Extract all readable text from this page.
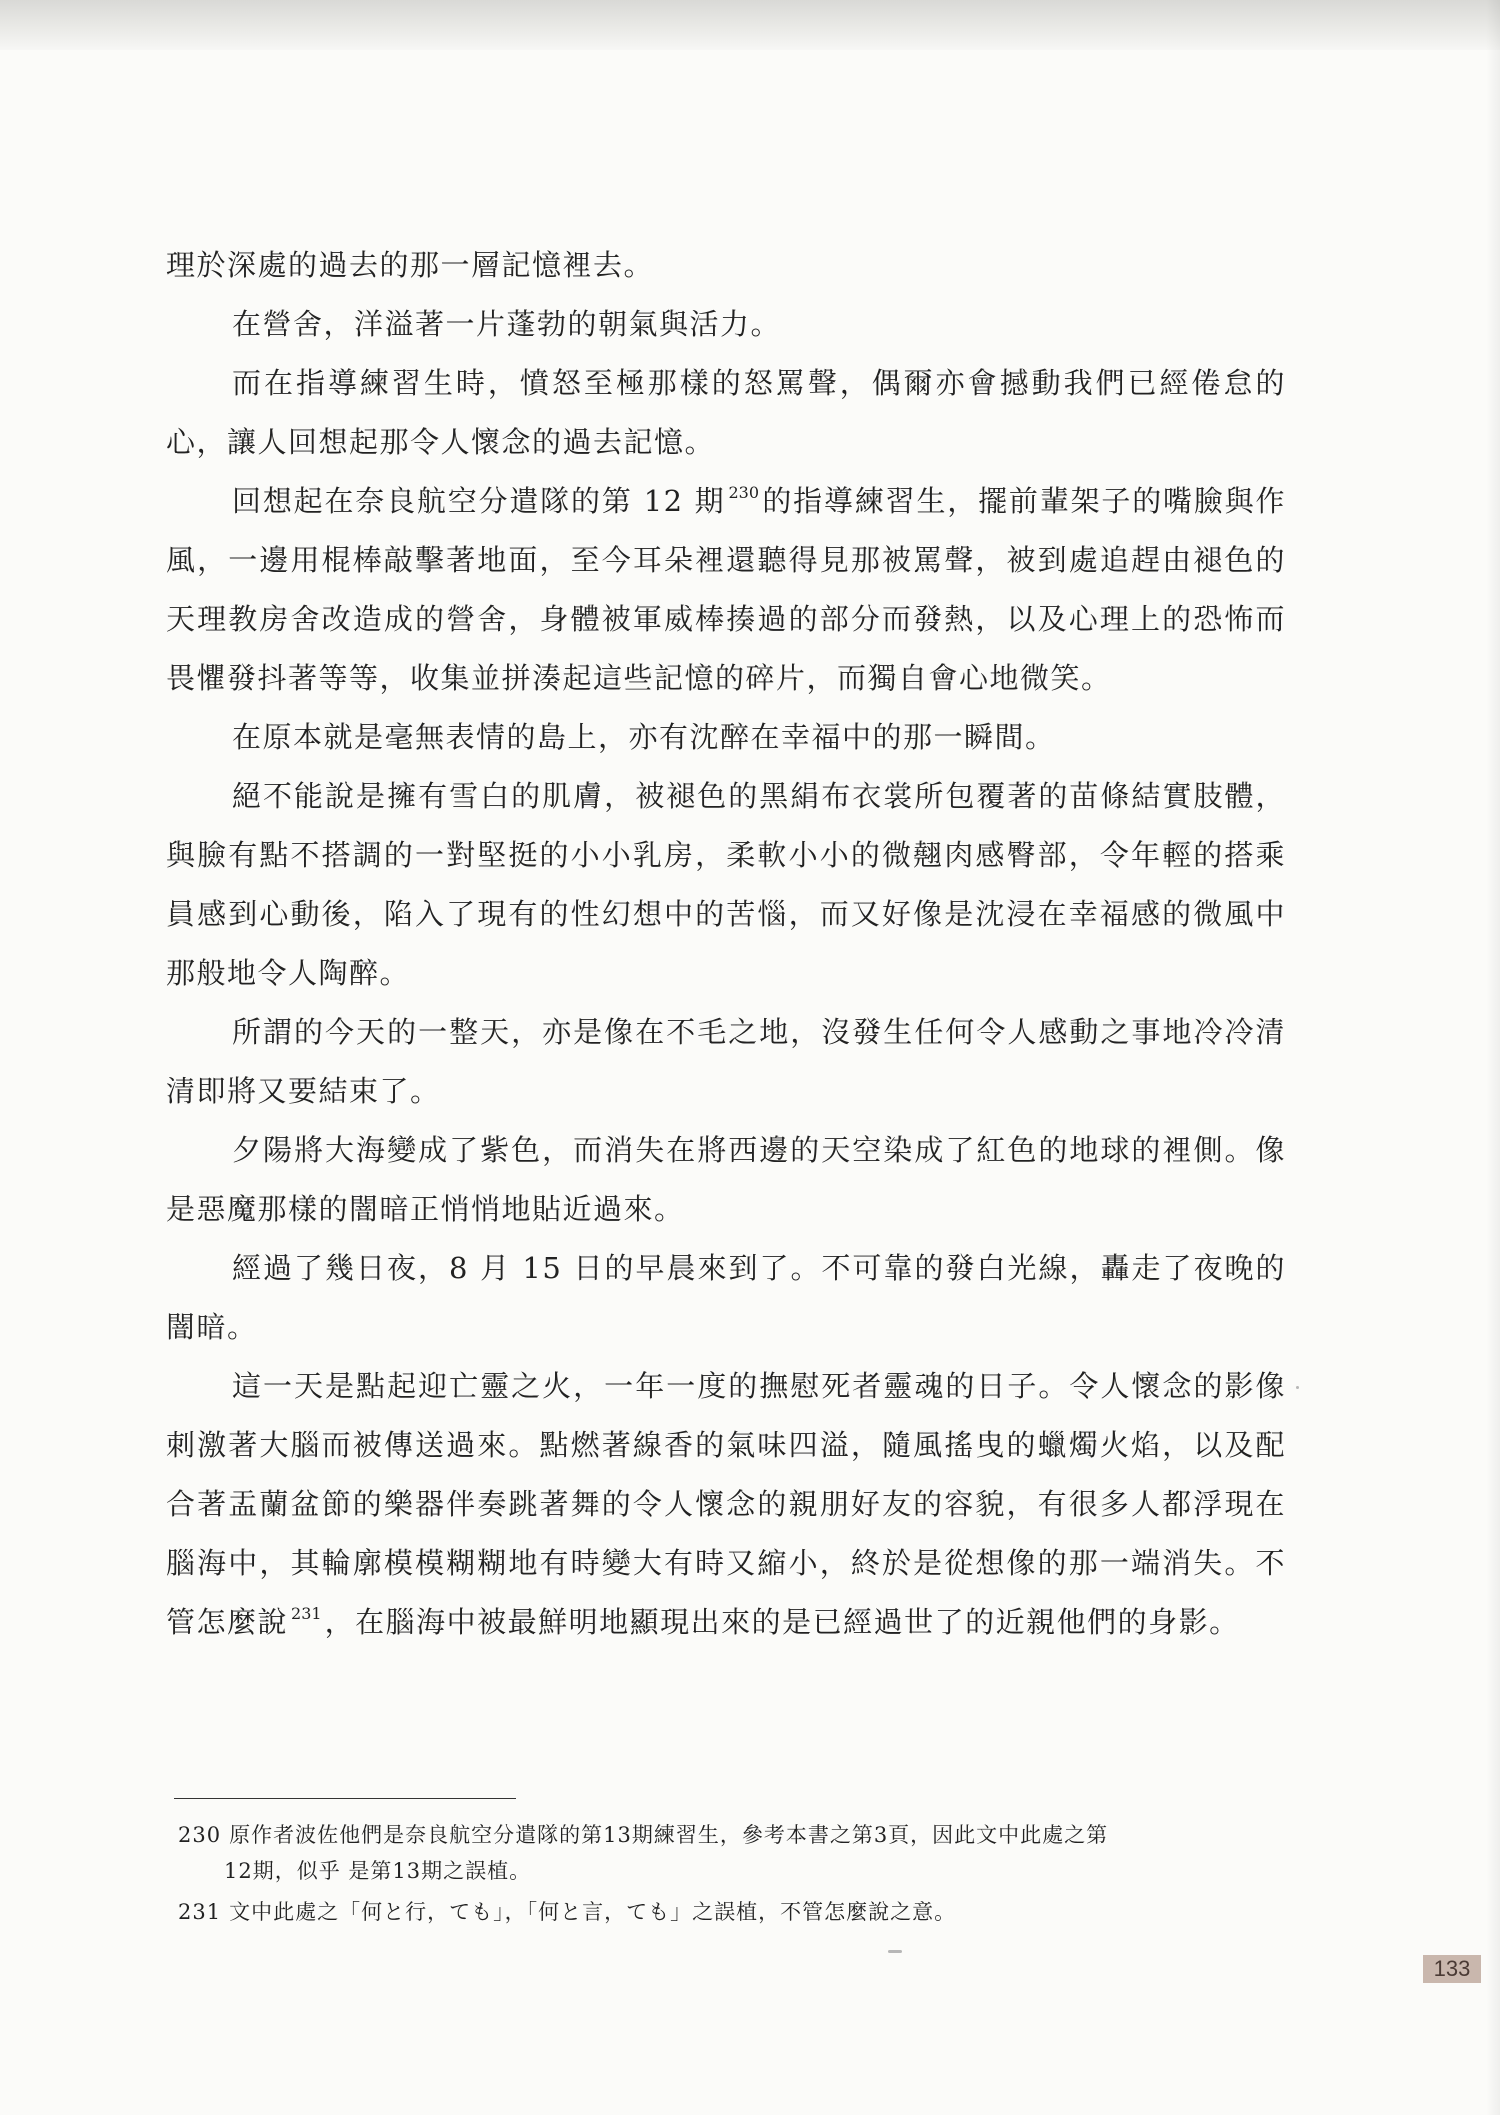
理於深處的過去的那一層記憶裡去。

在營舍，洋溢著一片蓬勃的朝氣與活力。

而在指導練習生時，憤怒至極那樣的怒罵聲，偶爾亦會撼動我們已經倦怠的心，讓人回想起那令人懷念的過去記憶。

回想起在奈良航空分遣隊的第 12 期 $^{230}$ 的指導練習生，擺前輩架子的嘴臉與作風，一邊用棍棒敲擊著地面，至今耳朵裡還聽得見那被罵聲，被到處追趕由褪色的天理教房舍改造成的營舍，身體被軍威棒揍過的部分而發熱，以及心理上的恐怖而畏懼發抖著等等，收集並拼湊起這些記憶的碎片，而獨自會心地微笑。

在原本就是毫無表情的島上，亦有沈醉在幸福中的那一瞬間。

絕不能說是擁有雪白的肌膚，被褪色的黑絹布衣裳所包覆著的苗條結實肢體，與臉有點不搭調的一對堅挺的小小乳房，柔軟小小的微翹肉感臀部，令年輕的搭乘員感到心動後，陷入了現有的性幻想中的苦惱，而又好像是沈浸在幸福感的微風中那般地令人陶醉。

所謂的今天的一整天，亦是像在不毛之地，沒發生任何令人感動之事地冷冷清清即將又要結束了。

夕陽將大海變成了紫色，而消失在將西邊的天空染成了紅色的地球的裡側。像是惡魔那樣的闇暗正悄悄地貼近過來。

經過了幾日夜，8 月 15 日的早晨來到了。不可靠的發白光線，轟走了夜晚的闇暗。

這一天是點起迎亡靈之火，一年一度的撫慰死者靈魂的日子。令人懷念的影像刺激著大腦而被傳送過來。點燃著線香的氣味四溢，隨風搖曳的蠟燭火焰，以及配合著盂蘭盆節的樂器伴奏跳著舞的令人懷念的親朋好友的容貌，有很多人都浮現在腦海中，其輪廓模模糊糊地有時變大有時又縮小，終於是從想像的那一端消失。不管怎麼說 $^{231}$ ，在腦海中被最鮮明地顯現出來的是已經過世了的近親他們的身影。

230 原作者波佐他們是奈良航空分遣隊的第13期練習生，參考本書之第3頁，因此文中此處之第
12期，似乎 是第13期之誤植。
231 文中此處之「何と行，ても」，「何と言，ても」之誤植，不管怎麼說之意。
133
